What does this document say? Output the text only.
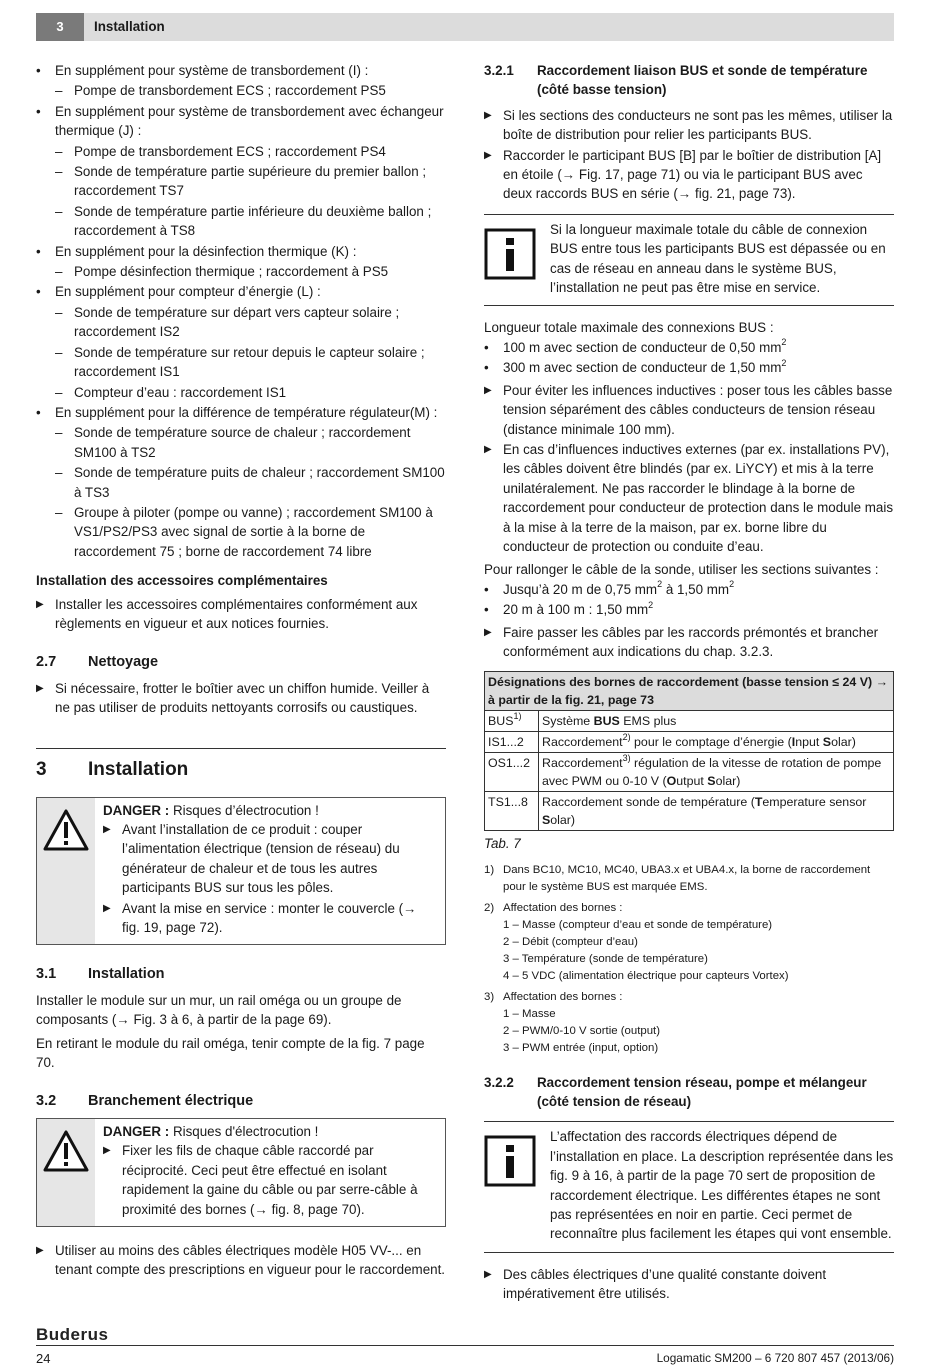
3	Installation
• En supplément pour système de transbordement (I) :
– Pompe de transbordement ECS ; raccordement PS5
• En supplément pour système de transbordement avec échangeur thermique (J) :
– Pompe de transbordement ECS ; raccordement PS4
– Sonde de température partie supérieure du premier ballon ; raccordement TS7
– Sonde de température partie inférieure du deuxième ballon ; raccordement à TS8
• En supplément pour la désinfection thermique (K) :
– Pompe désinfection thermique ; raccordement à PS5
• En supplément pour compteur d’énergie (L) :
– Sonde de température sur départ vers capteur solaire ; raccordement IS2
– Sonde de température sur retour depuis le capteur solaire ; raccordement IS1
– Compteur d’eau : raccordement IS1
• En supplément pour la différence de température régulateur(M) :
– Sonde de température source de chaleur ; raccordement SM100 à TS2
– Sonde de température puits de chaleur ; raccordement SM100 à TS3
– Groupe à piloter (pompe ou vanne) ; raccordement SM100 à VS1/PS2/PS3 avec signal de sortie à la borne de raccordement 75 ; borne de raccordement 74 libre
Installation des accessoires complémentaires
▶ Installer les accessoires complémentaires conformément aux règlements en vigueur et aux notices fournies.
2.7	Nettoyage
▶ Si nécessaire, frotter le boîtier avec un chiffon humide. Veiller à ne pas utiliser de produits nettoyants corrosifs ou caustiques.
3	Installation

DANGER : Risques d’électrocution !

▶ Avant l’installation de ce produit : couper l’alimentation électrique (tension de réseau) du générateur de chaleur et de tous les autres participants BUS sur tous les pôles.
▶ Avant la mise en service : monter le couvercle (→ fig. 19, page 72).
3.1	Installation

Installer le module sur un mur, un rail oméga ou un groupe de composants (→ Fig. 3 à 6, à partir de la page 69).

En retirant le module du rail oméga, tenir compte de la fig. 7 page 70.

3.2	Branchement électrique

DANGER : Risques d'électrocution !

▶ Fixer les fils de chaque câble raccordé par réciprocité. Ceci peut être effectué en isolant rapidement la gaine du câble ou par serre-câble à proximité des bornes (→ fig. 8, page 70).
▶ Utiliser au moins des câbles électriques modèle H05 VV-... en tenant compte des prescriptions en vigueur pour le raccordement.
3.2.1	Raccordement liaison BUS et sonde de température (côté basse tension)
▶ Si les sections des conducteurs ne sont pas les mêmes, utiliser la boîte de distribution pour relier les participants BUS.
▶ Raccorder le participant BUS [B] par le boîtier de distribution [A] en étoile (→ Fig. 17, page 71) ou via le participant BUS avec deux raccords BUS en série (→ fig. 21, page 73).
Si la longueur maximale totale du câble de connexion BUS entre tous les participants BUS est dépassée ou en cas de réseau en anneau dans le système BUS, l’installation ne peut pas être mise en service.

Longueur totale maximale des connexions BUS :

• 100 m avec section de conducteur de 0,50 $mm^2$
• 300 m avec section de conducteur de 1,50 $mm^2$
▶ Pour éviter les influences inductives : poser tous les câbles basse tension séparément des câbles conducteurs de tension réseau (distance minimale 100 mm).
▶ En cas d’influences inductives externes (par ex. installations PV), les câbles doivent être blindés (par ex. LiYCY) et mis à la terre unilatéralement. Ne pas raccorder le blindage à la borne de raccordement pour conducteur de protection dans le module mais à la mise à la terre de la maison, par ex. borne libre du conducteur de protection ou conduite d’eau.

Pour rallonger le câble de la sonde, utiliser les sections suivantes :

• Jusqu’à 20 m de 0,75 $mm^2$ à 1,50 $mm^2$
• 20 m à 100 m : 1,50 $mm^2$
▶ Faire passer les câbles par les raccords prémontés et brancher conformément aux indications du chap. 3.2.3.
Désignations des bornes de raccordement (basse tension ≤ 24 V) → à partir de la fig. 21, page 73	
BUS$^{1)}$	Système BUS EMS plus
IS1...2	Raccordement$^{2)}$ pour le comptage d’énergie (Input Solar)
OS1...2	Raccordement$^{3)}$ régulation de la vitesse de rotation de pompe avec PWM ou 0-10 V (Output Solar)
TS1...8	Raccordement sonde de température (Temperature sensor Solar)
Tab. 7
1) Dans BC10, MC10, MC40, UBA3.x et UBA4.x, la borne de raccordement pour le système BUS est marquée EMS.
2) Affectation des bornes :
1 – Masse (compteur d’eau et sonde de température)
2 – Débit (compteur d’eau)
3 – Température (sonde de température)
4 – 5 VDC (alimentation électrique pour capteurs Vortex)
3) Affectation des bornes :
1 – Masse
2 – PWM/0-10 V sortie (output)
3 – PWM entrée (input, option)
3.2.2	Raccordement tension réseau, pompe et mélangeur (côté tension de réseau)
L’affectation des raccords électriques dépend de l’installation en place. La description représentée dans les fig. 9 à 16, à partir de la page 70 sert de proposition de raccordement électrique. Les différentes étapes ne sont pas représentées en noir en partie. Ceci permet de reconnaître plus facilement les étapes qui vont ensemble.
▶ Des câbles électriques d’une qualité constante doivent impérativement être utilisés.
Buderus
24	Logamatic SM200 – 6 720 807 457 (2013/06)
